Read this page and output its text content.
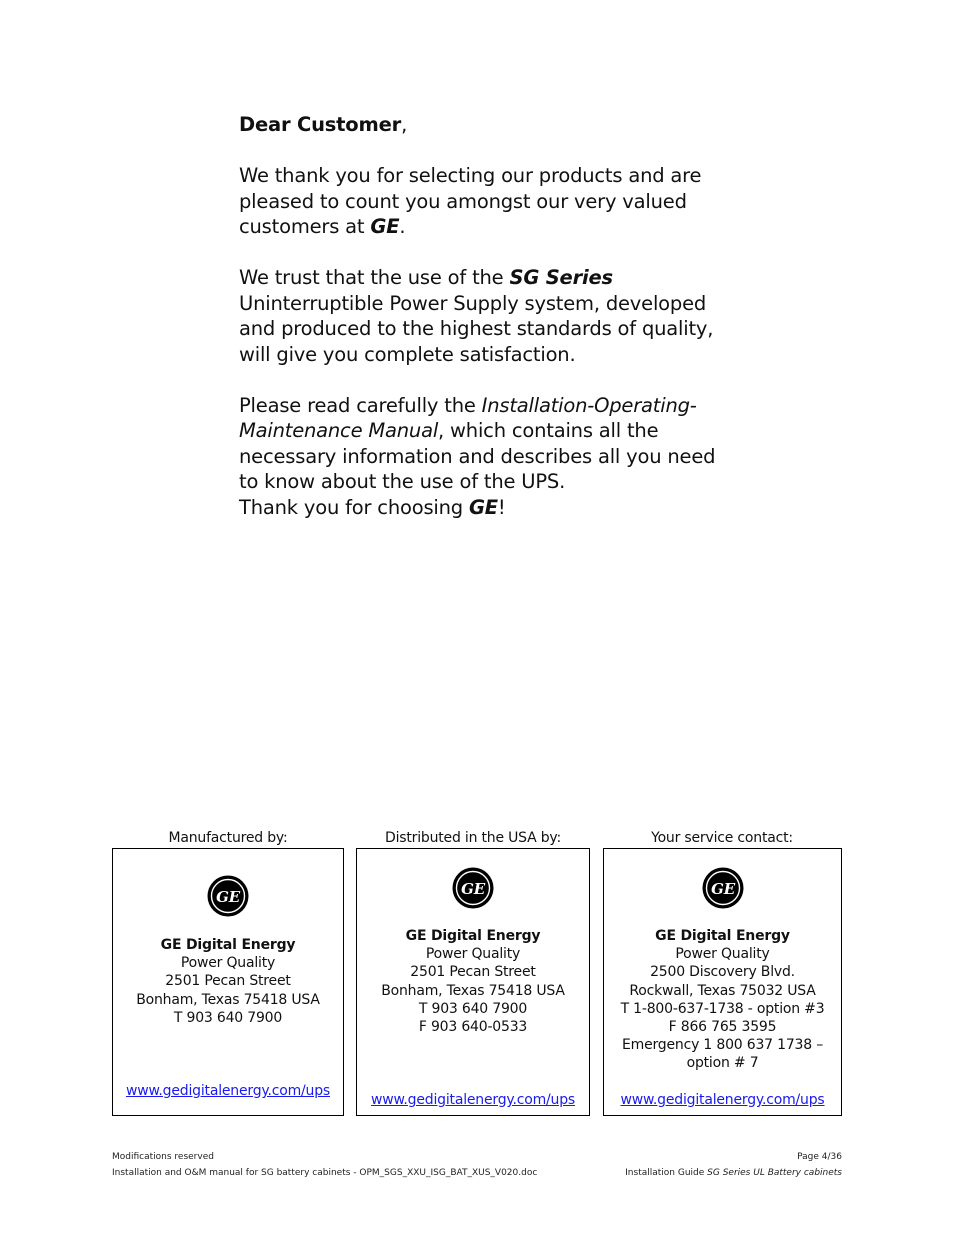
Dear Customer,

We thank you for selecting our products and are pleased to count you amongst our very valued customers at GE.

We trust that the use of the SG Series Uninterruptible Power Supply system, developed and produced to the highest standards of quality, will give you complete satisfaction.

Please read carefully the Installation-Operating-Maintenance Manual, which contains all the necessary information and describes all you need to know about the use of the UPS.

Thank you for choosing GE!

Manufactured by:	Distributed in the USA by:	Your service contact:
GE
GE Digital Energy
Power Quality
2501 Pecan Street
Bonham, Texas 75418 USA
T 903 640 7900
www.gedigitalenergy.com/ups
GE
GE Digital Energy
Power Quality
2501 Pecan Street
Bonham, Texas 75418 USA
T 903 640 7900
F 903 640-0533
www.gedigitalenergy.com/ups
GE
GE Digital Energy
Power Quality
2500 Discovery Blvd.
Rockwall, Texas 75032 USA
T 1-800-637-1738 - option #3
F 866 765 3595
Emergency 1 800 637 1738 –
option # 7
www.gedigitalenergy.com/ups
Modifications reserved
Installation and O&M manual for SG battery cabinets - OPM_SGS_XXU_ISG_BAT_XUS_V020.doc
Page 4/36
Installation Guide SG Series UL Battery cabinets
